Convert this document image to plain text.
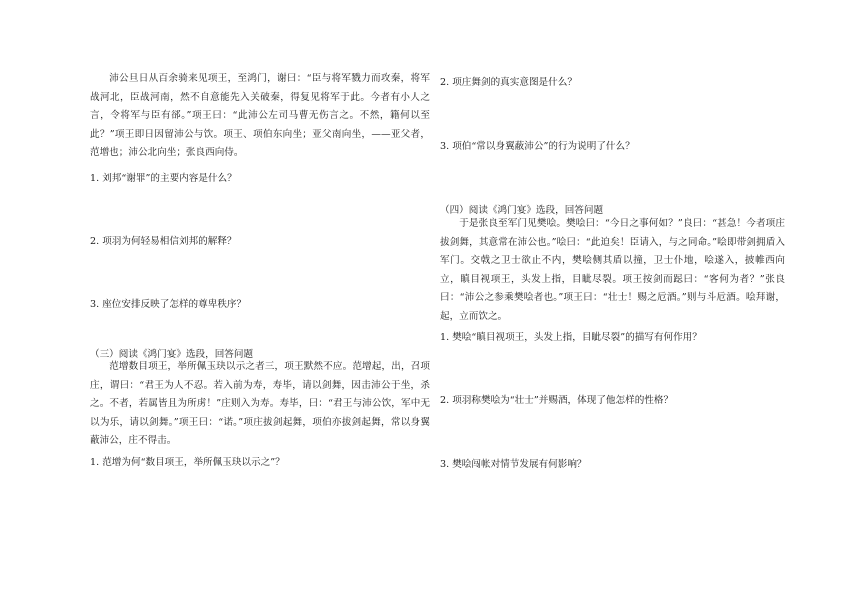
沛公旦日从百余骑来见项王，至鸿门，谢曰：“臣与将军戮力而攻秦，将军战河北，臣战河南，然不自意能先入关破秦，得复见将军于此。今者有小人之言，令将军与臣有郤。”项王曰：“此沛公左司马曹无伤言之。不然，籍何以至此？”项王即日因留沛公与饮。项王、项伯东向坐；亚父南向坐，——亚父者，范增也；沛公北向坐；张良西向侍。

1. 刘邦“谢罪”的主要内容是什么？

2. 项羽为何轻易相信刘邦的解释？

3. 座位安排反映了怎样的尊卑秩序？

（三）阅读《鸿门宴》选段，回答问题

范增数目项王，举所佩玉玦以示之者三，项王默然不应。范增起，出，召项庄，谓曰：“君王为人不忍。若入前为寿，寿毕，请以剑舞，因击沛公于坐，杀之。不者，若属皆且为所虏！”庄则入为寿。寿毕，曰：“君王与沛公饮，军中无以为乐，请以剑舞。”项王曰：“诺。”项庄拔剑起舞，项伯亦拔剑起舞，常以身翼蔽沛公，庄不得击。

1. 范增为何“数目项王，举所佩玉玦以示之”？

2. 项庄舞剑的真实意图是什么？

3. 项伯“常以身翼蔽沛公”的行为说明了什么？

（四）阅读《鸿门宴》选段，回答问题

于是张良至军门见樊哙。樊哙曰：“今日之事何如？”良曰：“甚急！今者项庄拔剑舞，其意常在沛公也。”哙曰：“此迫矣！臣请入，与之同命。”哙即带剑拥盾入军门。交戟之卫士欲止不内，樊哙侧其盾以撞，卫士仆地，哙遂入，披帷西向立，瞋目视项王，头发上指，目眦尽裂。项王按剑而跽曰：“客何为者？”张良曰：“沛公之参乘樊哙者也。”项王曰：“壮士！赐之卮酒。”则与斗卮酒。哙拜谢，起，立而饮之。

1. 樊哙“瞋目视项王，头发上指，目眦尽裂”的描写有何作用？

2. 项羽称樊哙为“壮士”并赐酒，体现了他怎样的性格？

3. 樊哙闯帐对情节发展有何影响？
